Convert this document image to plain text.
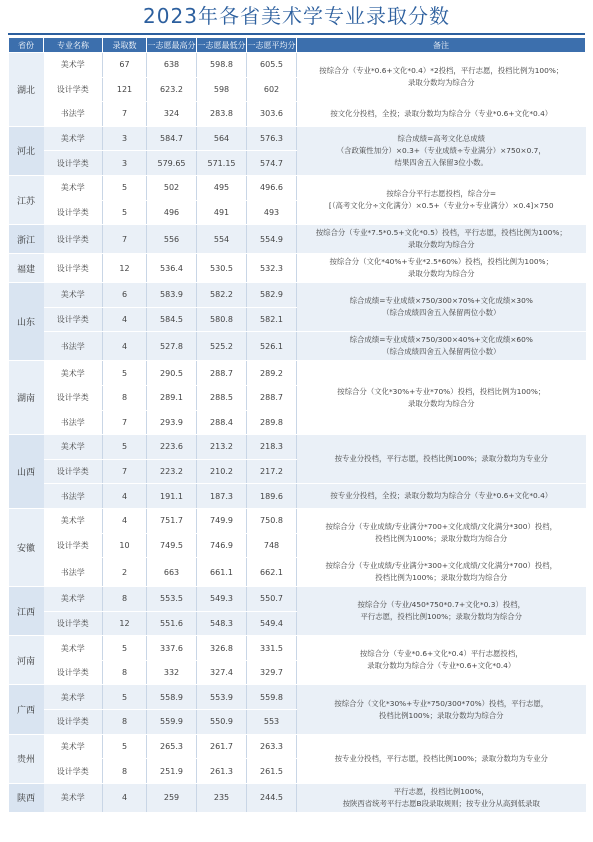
2023年各省美术学专业录取分数
省份	专业名称	录取数	一志愿最高分	一志愿最低分	一志愿平均分	备注
湖北	美术学	67	638	598.8	605.5	按综合分（专业*0.6+文化*0.4）*2投档，平行志愿，投档比例为100%；
录取分数均为综合分

	设计学类	121	623.2	598	602	
	书法学	7	324	283.8	303.6	按文化分投档，全投；录取分数均为综合分（专业*0.6+文化*0.4）

河北	美术学	3	584.7	564	576.3	综合成绩=高考文化总成绩
（含政策性加分）×0.3+（专业成绩÷专业满分）×750×0.7，
结果四舍五入保留3位小数。

	设计学类	3	579.65	571.15	574.7	
江苏	美术学	5	502	495	496.6	按综合分平行志愿投档，综合分=
[（高考文化分÷文化满分）×0.5+（专业分÷专业满分）×0.4]×750

	设计学类	5	496	491	493	
浙江	设计学类	7	556	554	554.9	按综合分（专业*7.5*0.5+文化*0.5）投档，平行志愿，投档比例为100%；
录取分数均为综合分

福建	设计学类	12	536.4	530.5	532.3	按综合分（文化*40%+专业*2.5*60%）投档，投档比例为100%；
录取分数均为综合分

山东	美术学	6	583.9	582.2	582.9	综合成绩=专业成绩×750/300×70%+文化成绩×30%
（综合成绩四舍五入保留两位小数）

	设计学类	4	584.5	580.8	582.1	
	书法学	4	527.8	525.2	526.1	综合成绩=专业成绩×750/300×40%+文化成绩×60%
（综合成绩四舍五入保留两位小数）

湖南	美术学	5	290.5	288.7	289.2	按综合分（文化*30%+专业*70%）投档，投档比例为100%；
录取分数均为综合分

	设计学类	8	289.1	288.5	288.7	
	书法学	7	293.9	288.4	289.8	
山西	美术学	5	223.6	213.2	218.3	按专业分投档，平行志愿，投档比例100%；录取分数均为专业分

	设计学类	7	223.2	210.2	217.2	
	书法学	4	191.1	187.3	189.6	按专业分投档，全投；录取分数均为综合分（专业*0.6+文化*0.4）

安徽	美术学	4	751.7	749.9	750.8	按综合分（专业成绩/专业满分*700+文化成绩/文化满分*300）投档，
投档比例为100%；录取分数均为综合分

	设计学类	10	749.5	746.9	748	
	书法学	2	663	661.1	662.1	按综合分（专业成绩/专业满分*300+文化成绩/文化满分*700）投档，
投档比例为100%；录取分数均为综合分

江西	美术学	8	553.5	549.3	550.7	按综合分（专业/450*750*0.7+文化*0.3）投档，
平行志愿，投档比例100%；录取分数均为综合分

	设计学类	12	551.6	548.3	549.4	
河南	美术学	5	337.6	326.8	331.5	按综合分（专业*0.6+文化*0.4）平行志愿投档，
录取分数均为综合分（专业*0.6+文化*0.4）

	设计学类	8	332	327.4	329.7	
广西	美术学	5	558.9	553.9	559.8	按综合分（文化*30%+专业*750/300*70%）投档，平行志愿，
投档比例100%；录取分数均为综合分

	设计学类	8	559.9	550.9	553	
贵州	美术学	5	265.3	261.7	263.3	按专业分投档，平行志愿，投档比例100%；录取分数均为专业分

	设计学类	8	251.9	261.3	261.5	
陕西	美术学	4	259	235	244.5	平行志愿，投档比例100%，
按陕西省统考平行志愿B段录取规则；按专业分从高到低录取
